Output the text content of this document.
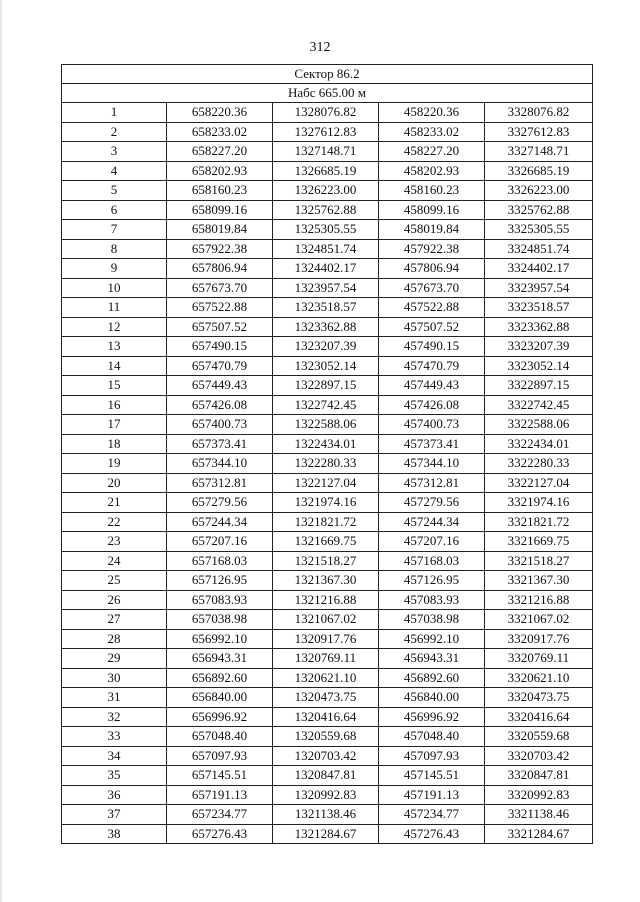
312
Сектор 86.2				
Набс 665.00 м				
1	658220.36	1328076.82	458220.36	3328076.82
2	658233.02	1327612.83	458233.02	3327612.83
3	658227.20	1327148.71	458227.20	3327148.71
4	658202.93	1326685.19	458202.93	3326685.19
5	658160.23	1326223.00	458160.23	3326223.00
6	658099.16	1325762.88	458099.16	3325762.88
7	658019.84	1325305.55	458019.84	3325305.55
8	657922.38	1324851.74	457922.38	3324851.74
9	657806.94	1324402.17	457806.94	3324402.17
10	657673.70	1323957.54	457673.70	3323957.54
11	657522.88	1323518.57	457522.88	3323518.57
12	657507.52	1323362.88	457507.52	3323362.88
13	657490.15	1323207.39	457490.15	3323207.39
14	657470.79	1323052.14	457470.79	3323052.14
15	657449.43	1322897.15	457449.43	3322897.15
16	657426.08	1322742.45	457426.08	3322742.45
17	657400.73	1322588.06	457400.73	3322588.06
18	657373.41	1322434.01	457373.41	3322434.01
19	657344.10	1322280.33	457344.10	3322280.33
20	657312.81	1322127.04	457312.81	3322127.04
21	657279.56	1321974.16	457279.56	3321974.16
22	657244.34	1321821.72	457244.34	3321821.72
23	657207.16	1321669.75	457207.16	3321669.75
24	657168.03	1321518.27	457168.03	3321518.27
25	657126.95	1321367.30	457126.95	3321367.30
26	657083.93	1321216.88	457083.93	3321216.88
27	657038.98	1321067.02	457038.98	3321067.02
28	656992.10	1320917.76	456992.10	3320917.76
29	656943.31	1320769.11	456943.31	3320769.11
30	656892.60	1320621.10	456892.60	3320621.10
31	656840.00	1320473.75	456840.00	3320473.75
32	656996.92	1320416.64	456996.92	3320416.64
33	657048.40	1320559.68	457048.40	3320559.68
34	657097.93	1320703.42	457097.93	3320703.42
35	657145.51	1320847.81	457145.51	3320847.81
36	657191.13	1320992.83	457191.13	3320992.83
37	657234.77	1321138.46	457234.77	3321138.46
38	657276.43	1321284.67	457276.43	3321284.67
